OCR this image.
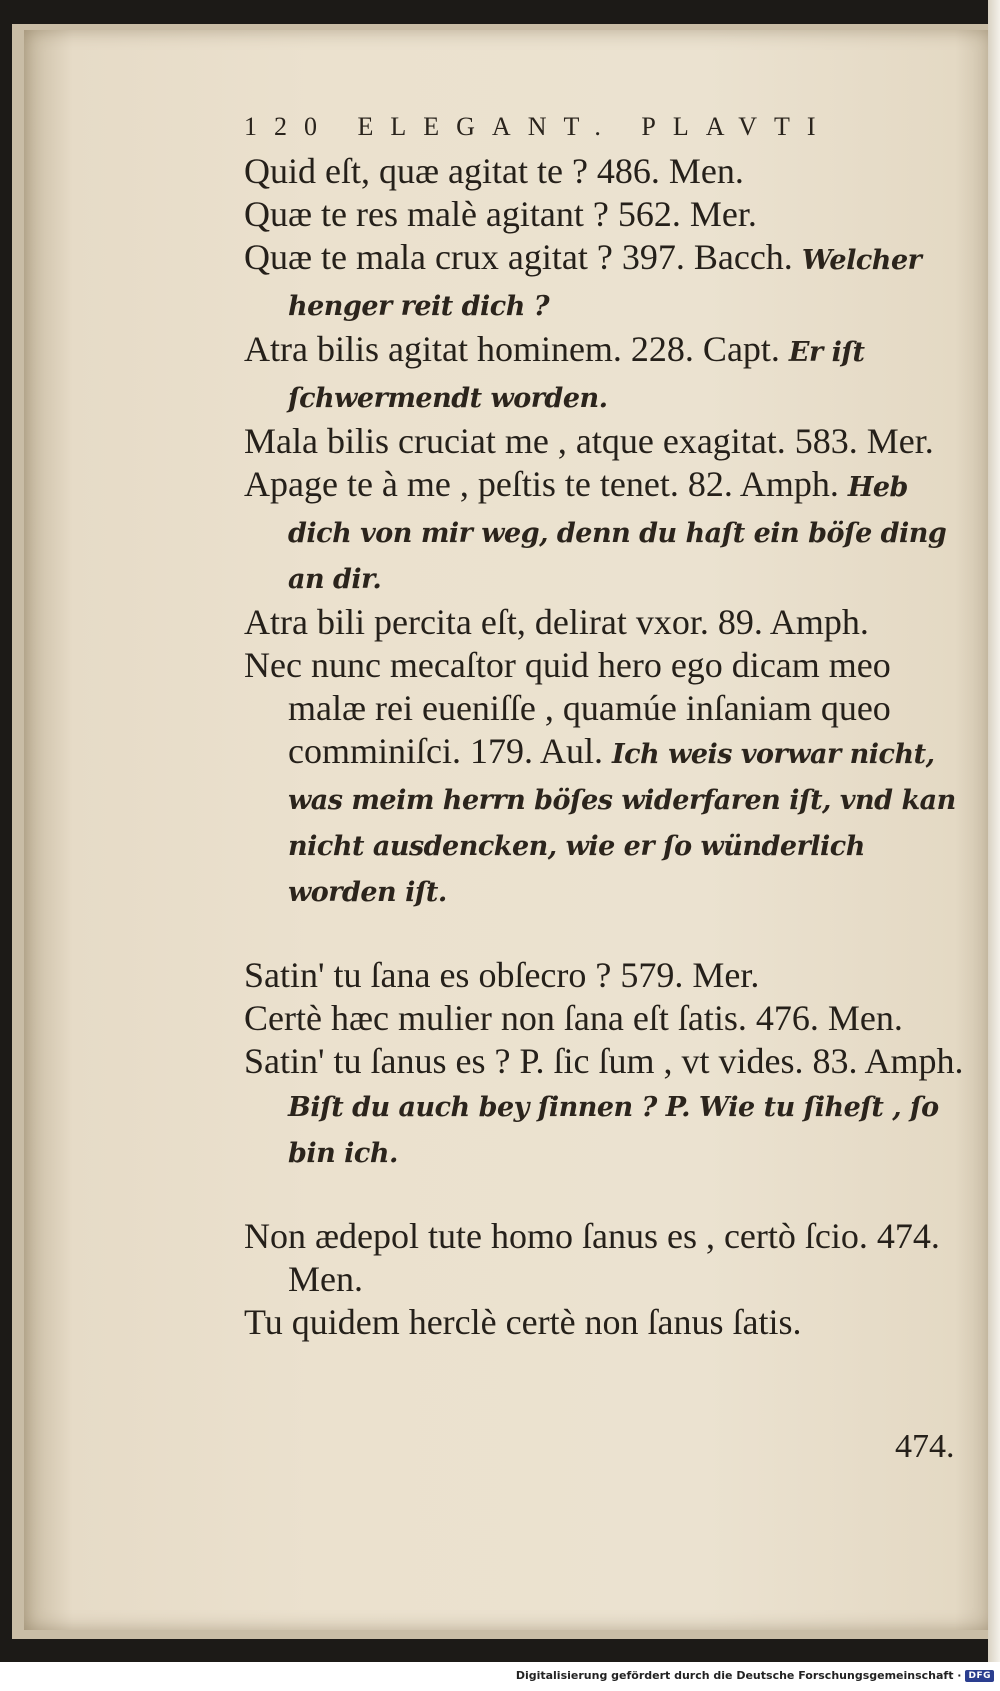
120 ELEGANT. PLAVTI

Quid eſt, quæ agitat te ? 486. Men.

Quæ te res malè agitant ? 562. Mer.

Quæ te mala crux agitat ? 397. Bacch. Welcher henger reit dich ?

Atra bilis agitat hominem. 228. Capt. Er iſt ſchwermendt worden.

Mala bilis cruciat me , atque exagitat. 583. Mer.

Apage te à me , peſtis te tenet. 82. Amph. Heb dich von mir weg, denn du haſt ein böſe ding an dir.

Atra bili percita eſt, delirat vxor. 89. Amph.

Nec nunc mecaſtor quid hero ego dicam meo malæ rei eueniſſe , quamúe inſaniam queo comminiſci. 179. Aul. Ich weis vorwar nicht, was meim herrn böſes widerfaren iſt, vnd kan nicht ausdencken, wie er ſo wünderlich worden iſt.

Satin' tu ſana es obſecro ? 579. Mer.

Certè hæc mulier non ſana eſt ſatis. 476. Men.

Satin' tu ſanus es ? P. ſic ſum , vt vides. 83. Amph. Biſt du auch bey ſinnen ? P. Wie tu ſiheſt , ſo bin ich.

Non ædepol tute homo ſanus es , certò ſcio. 474. Men.

Tu quidem herclè certè non ſanus ſatis.

474.
Digitalisierung gefördert durch die Deutsche Forschungsgemeinschaft · DFG
